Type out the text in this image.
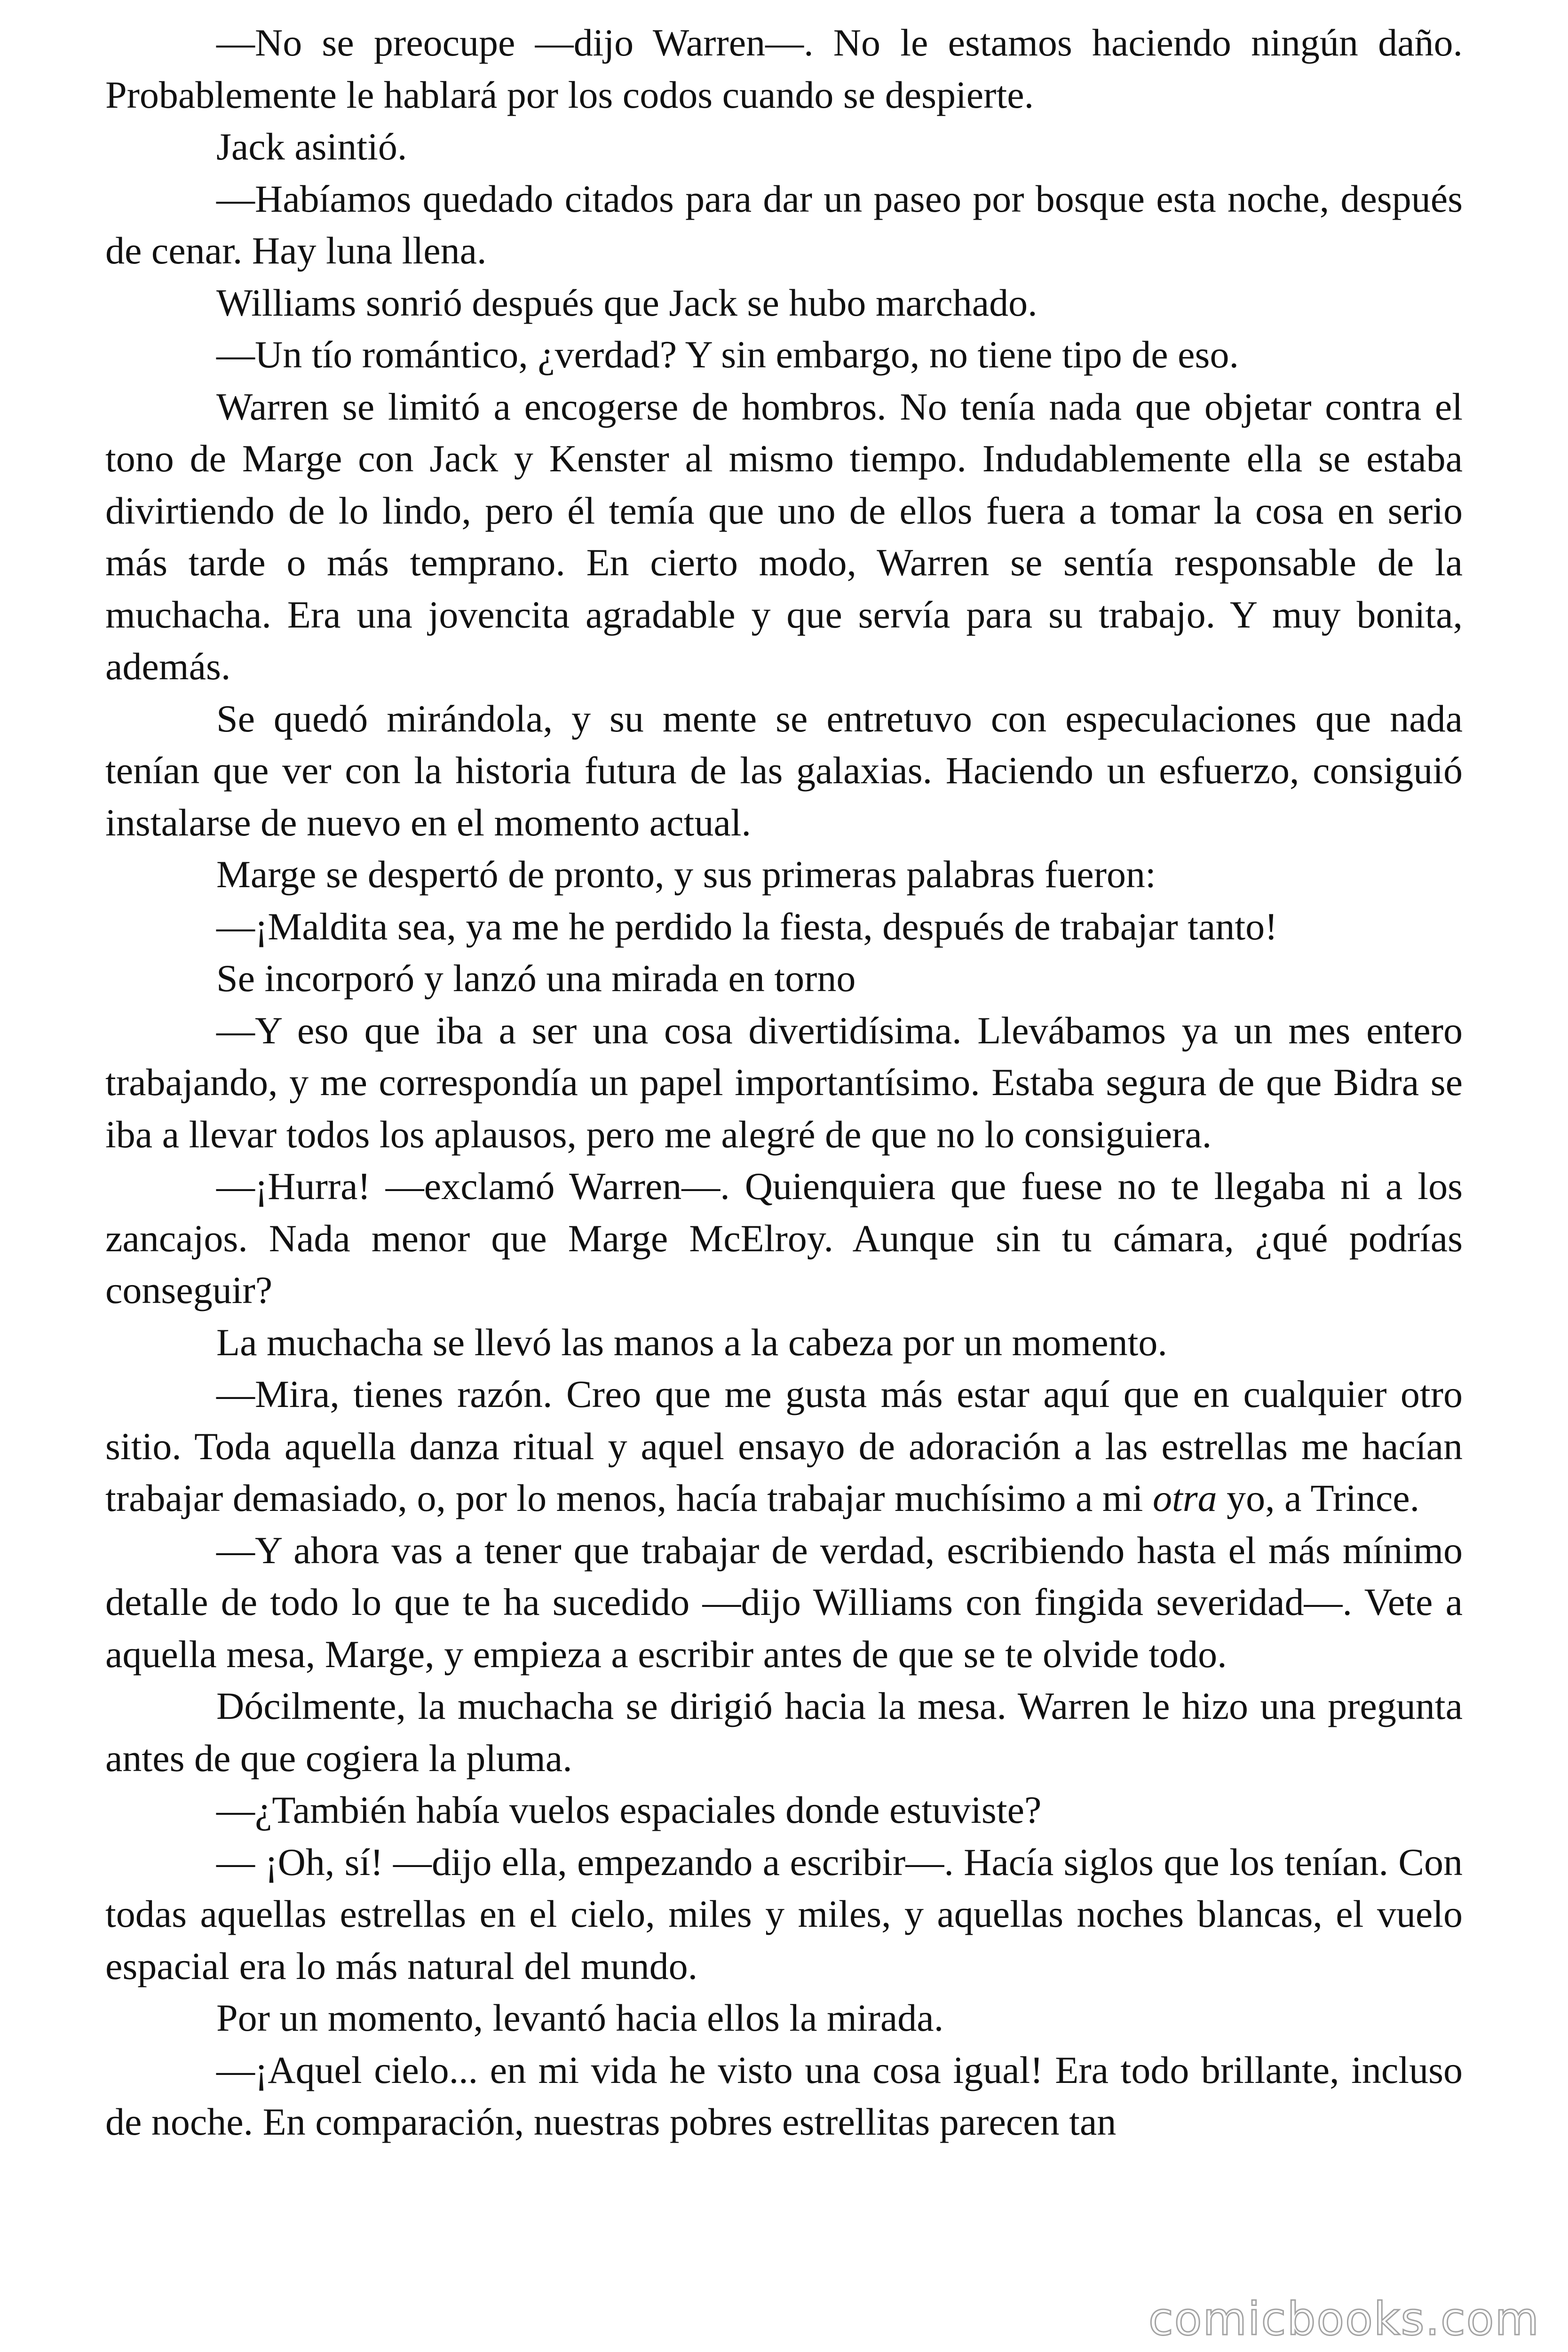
—No se preocupe —dijo Warren—. No le estamos haciendo ningún daño. Probablemente le hablará por los codos cuando se despierte.

Jack asintió.

—Habíamos quedado citados para dar un paseo por bosque esta noche, después de cenar. Hay luna llena.

Williams sonrió después que Jack se hubo marchado.

—Un tío romántico, ¿verdad? Y sin embargo, no tiene tipo de eso.

Warren se limitó a encogerse de hombros. No tenía nada que objetar contra el tono de Marge con Jack y Kenster al mismo tiempo. Indudablemente ella se estaba divirtiendo de lo lindo, pero él temía que uno de ellos fuera a tomar la cosa en serio más tarde o más temprano. En cierto modo, Warren se sentía responsable de la muchacha. Era una jovencita agradable y que servía para su trabajo. Y muy bonita, además.

Se quedó mirándola, y su mente se entretuvo con especulaciones que nada tenían que ver con la historia futura de las galaxias. Haciendo un esfuerzo, consiguió instalarse de nuevo en el momento actual.

Marge se despertó de pronto, y sus primeras palabras fueron:

—¡Maldita sea, ya me he perdido la fiesta, después de trabajar tanto!

Se incorporó y lanzó una mirada en torno

—Y eso que iba a ser una cosa divertidísima. Llevábamos ya un mes entero trabajando, y me correspondía un papel importantísimo. Estaba segura de que Bidra se iba a llevar todos los aplausos, pero me alegré de que no lo consiguiera.

—¡Hurra! —exclamó Warren—. Quienquiera que fuese no te llegaba ni a los zancajos. Nada menor que Marge McElroy. Aunque sin tu cámara, ¿qué podrías conseguir?

La muchacha se llevó las manos a la cabeza por un momento.

—Mira, tienes razón. Creo que me gusta más estar aquí que en cualquier otro sitio. Toda aquella danza ritual y aquel ensayo de adoración a las estrellas me hacían trabajar demasiado, o, por lo menos, hacía trabajar muchísimo a mi otra yo, a Trince.

—Y ahora vas a tener que trabajar de verdad, escribiendo hasta el más mínimo detalle de todo lo que te ha sucedido —dijo Williams con fingida severidad—. Vete a aquella mesa, Marge, y empieza a escribir antes de que se te olvide todo.

Dócilmente, la muchacha se dirigió hacia la mesa. Warren le hizo una pregunta antes de que cogiera la pluma.

—¿También había vuelos espaciales donde estuviste?

— ¡Oh, sí! —dijo ella, empezando a escribir—. Hacía siglos que los tenían. Con todas aquellas estrellas en el cielo, miles y miles, y aquellas noches blancas, el vuelo espacial era lo más natural del mundo.

Por un momento, levantó hacia ellos la mirada.

—¡Aquel cielo... en mi vida he visto una cosa igual! Era todo brillante, incluso de noche. En comparación, nuestras pobres estrellitas parecen tan

comicbooks.com
